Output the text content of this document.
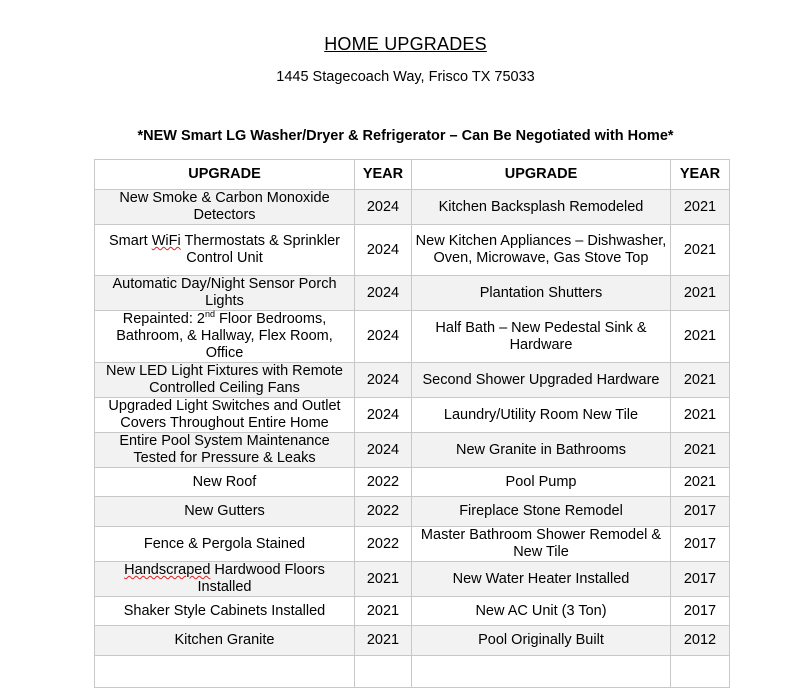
HOME UPGRADES
1445 Stagecoach Way, Frisco TX 75033
*NEW Smart LG Washer/Dryer & Refrigerator – Can Be Negotiated with Home*
UPGRADE	YEAR	UPGRADE	YEAR
New Smoke & Carbon Monoxide Detectors	2024	Kitchen Backsplash Remodeled	2021
Smart WiFi Thermostats & Sprinkler Control Unit	2024	New Kitchen Appliances – Dishwasher, Oven, Microwave, Gas Stove Top	2021
Automatic Day/Night Sensor Porch Lights	2024	Plantation Shutters	2021
Repainted: 2nd Floor Bedrooms, Bathroom, & Hallway, Flex Room, Office	2024	Half Bath – New Pedestal Sink & Hardware	2021
New LED Light Fixtures with Remote Controlled Ceiling Fans	2024	Second Shower Upgraded Hardware	2021
Upgraded Light Switches and Outlet Covers Throughout Entire Home	2024	Laundry/Utility Room New Tile	2021
Entire Pool System Maintenance Tested for Pressure & Leaks	2024	New Granite in Bathrooms	2021
New Roof	2022	Pool Pump	2021
New Gutters	2022	Fireplace Stone Remodel	2017
Fence & Pergola Stained	2022	Master Bathroom Shower Remodel & New Tile	2017
Handscraped Hardwood Floors Installed	2021	New Water Heater Installed	2017
Shaker Style Cabinets Installed	2021	New AC Unit (3 Ton)	2017
Kitchen Granite	2021	Pool Originally Built	2012
